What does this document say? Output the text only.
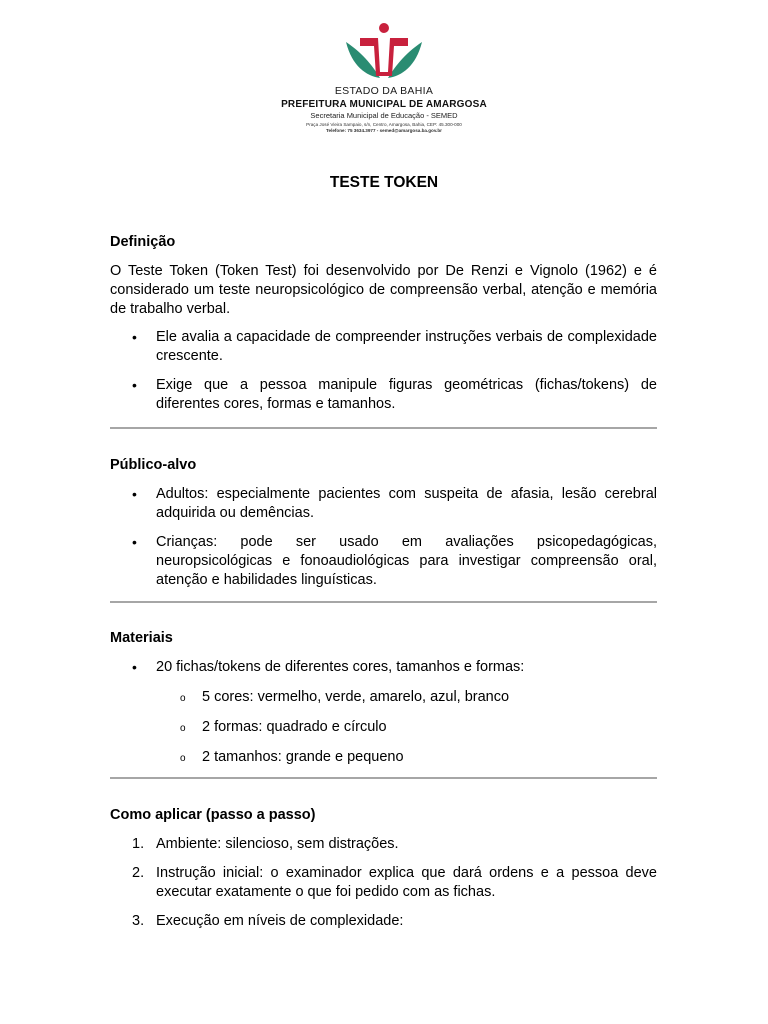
ESTADO DA BAHIA
PREFEITURA MUNICIPAL DE AMARGOSA
Secretaria Municipal de Educação - SEMED
Praça José Vieira Sampaio, s/n, Centro, Amargosa, Bahia, CEP: 45.300-000
Telefone: 75 3634.3977 - semed@amargosa.ba.gov.br
TESTE TOKEN
Definição

O Teste Token (Token Test) foi desenvolvido por De Renzi e Vignolo (1962) e é considerado um teste neuropsicológico de compreensão verbal, atenção e memória de trabalho verbal.

• Ele avalia a capacidade de compreender instruções verbais de complexidade crescente.
• Exige que a pessoa manipule figuras geométricas (fichas/tokens) de diferentes cores, formas e tamanhos.
Público-alvo
• Adultos: especialmente pacientes com suspeita de afasia, lesão cerebral adquirida ou demências.
• Crianças: pode ser usado em avaliações psicopedagógicas, neuropsicológicas e fonoaudiológicas para investigar compreensão oral, atenção e habilidades linguísticas.
Materiais
• 20 fichas/tokens de diferentes cores, tamanhos e formas:
o 5 cores: vermelho, verde, amarelo, azul, branco
o 2 formas: quadrado e círculo
o 2 tamanhos: grande e pequeno
Como aplicar (passo a passo)
1. Ambiente: silencioso, sem distrações.
2. Instrução inicial: o examinador explica que dará ordens e a pessoa deve executar exatamente o que foi pedido com as fichas.
3. Execução em níveis de complexidade:
